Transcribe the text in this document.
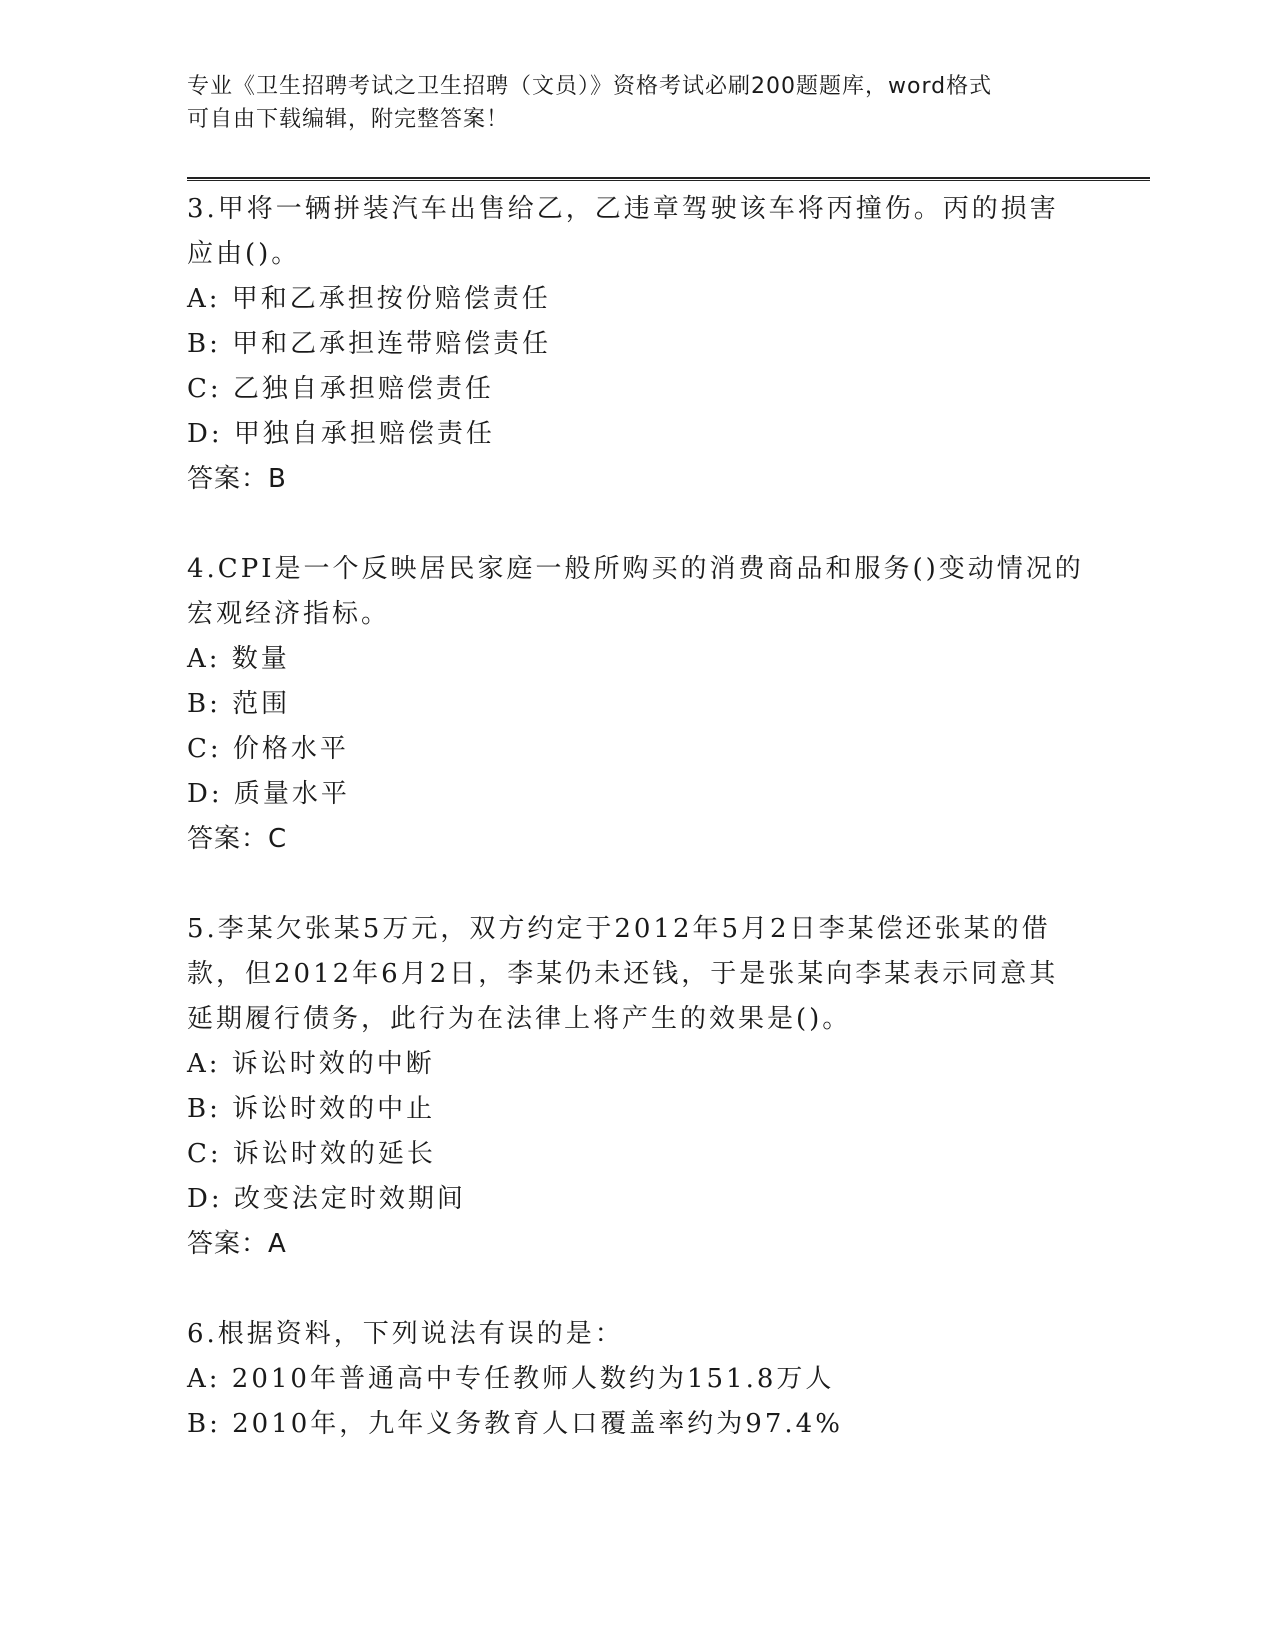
专业《卫生招聘考试之卫生招聘（文员）》资格考试必刷200题题库，word格式
可自由下载编辑，附完整答案！

3.甲将一辆拼装汽车出售给乙，乙违章驾驶该车将丙撞伤。丙的损害应由()。

A: 甲和乙承担按份赔偿责任

B: 甲和乙承担连带赔偿责任

C: 乙独自承担赔偿责任

D: 甲独自承担赔偿责任

答案：B

4.CPI是一个反映居民家庭一般所购买的消费商品和服务()变动情况的宏观经济指标。

A: 数量

B: 范围

C: 价格水平

D: 质量水平

答案：C

5.李某欠张某5万元，双方约定于2012年5月2日李某偿还张某的借款，但2012年6月2日，李某仍未还钱，于是张某向李某表示同意其延期履行债务，此行为在法律上将产生的效果是()。

A: 诉讼时效的中断

B: 诉讼时效的中止

C: 诉讼时效的延长

D: 改变法定时效期间

答案：A

6.根据资料，下列说法有误的是：

A: 2010年普通高中专任教师人数约为151.8万人

B: 2010年，九年义务教育人口覆盖率约为97.4%
